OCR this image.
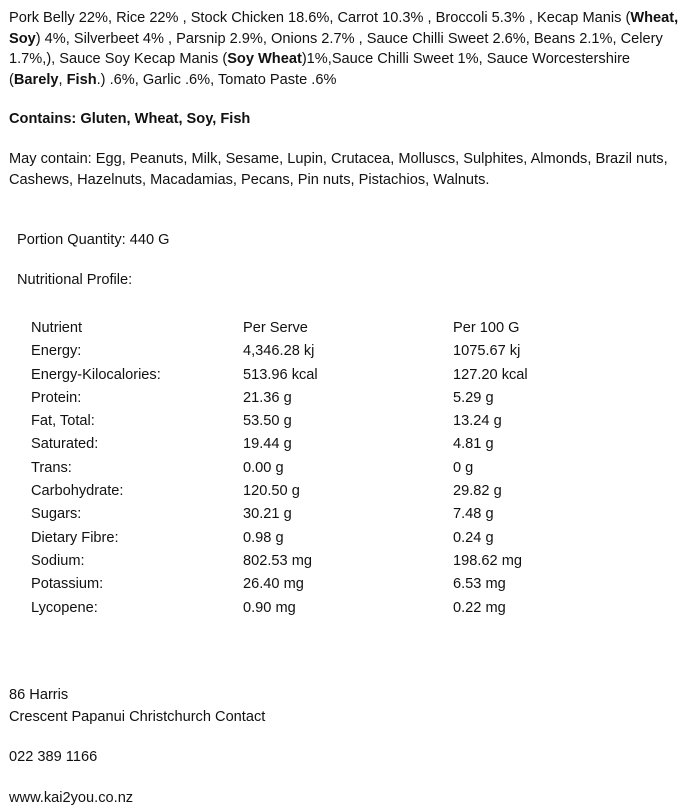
Pork Belly 22%, Rice 22% , Stock Chicken 18.6%, Carrot 10.3% , Broccoli 5.3% , Kecap Manis (Wheat, Soy) 4%, Silverbeet 4% , Parsnip 2.9%, Onions 2.7% , Sauce Chilli Sweet 2.6%, Beans 2.1%, Celery 1.7%,), Sauce Soy Kecap Manis (Soy Wheat)1%,Sauce Chilli Sweet 1%, Sauce Worcestershire (Barely, Fish.) .6%, Garlic .6%, Tomato Paste .6%

Contains: Gluten, Wheat, Soy, Fish

May contain: Egg, Peanuts, Milk, Sesame, Lupin, Crutacea, Molluscs, Sulphites, Almonds, Brazil nuts, Cashews, Hazelnuts, Macadamias, Pecans, Pin nuts, Pistachios, Walnuts.

Portion Quantity: 440 G

Nutritional Profile:

Nutrient	Per Serve	Per 100 G
Energy:	4,346.28 kj	1075.67 kj
Energy-Kilocalories:	513.96 kcal	127.20 kcal
Protein:	21.36 g	5.29 g
Fat, Total:	53.50 g	13.24 g
Saturated:	19.44 g	4.81 g
Trans:	0.00 g	0 g
Carbohydrate:	120.50 g	29.82 g
Sugars:	30.21 g	7.48 g
Dietary Fibre:	0.98 g	0.24 g
Sodium:	802.53 mg	198.62 mg
Potassium:	26.40 mg	6.53 mg
Lycopene:	0.90 mg	0.22 mg

86 Harris

Crescent Papanui Christchurch Contact

022 389 1166

www.kai2you.co.nz
